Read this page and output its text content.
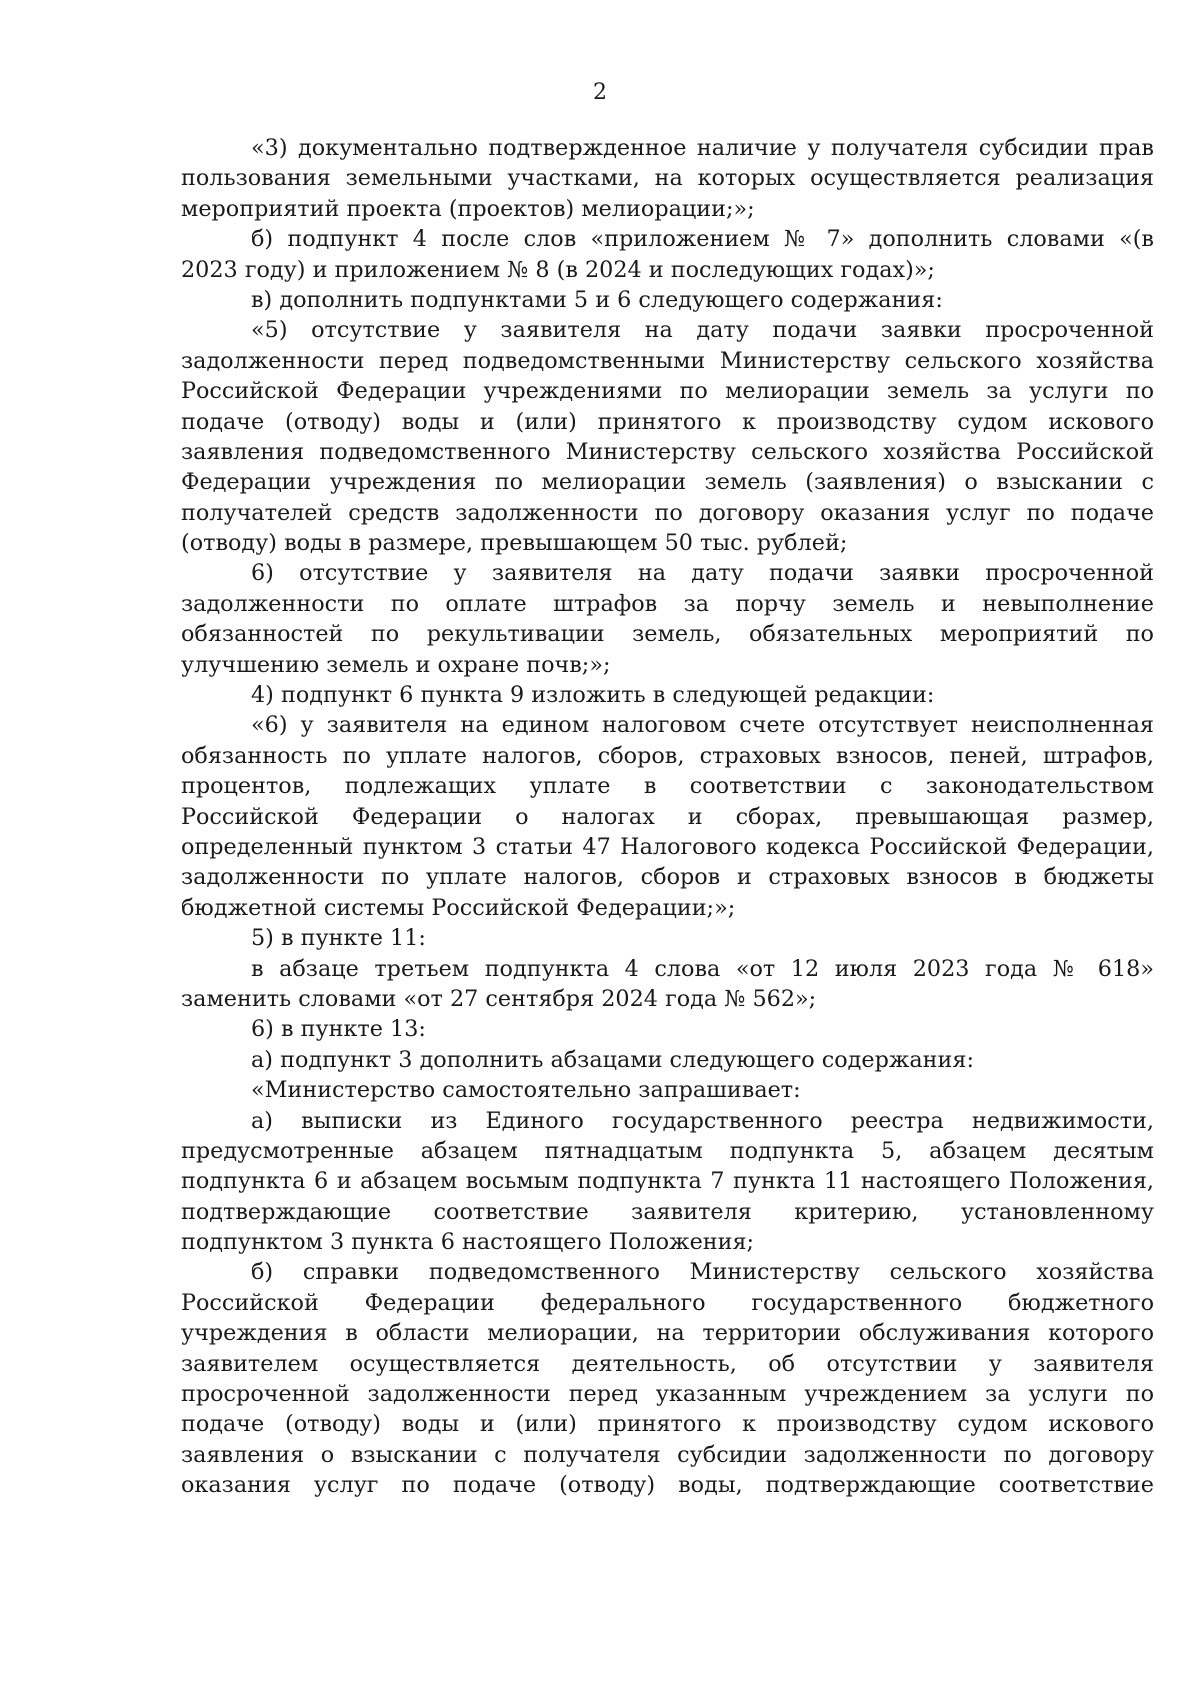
2
«3) документально подтвержденное наличие у получателя субсидии прав
пользования земельными участками, на которых осуществляется реализация
мероприятий проекта (проектов) мелиорации;»;
б) подпункт 4 после слов «приложением № 7» дополнить словами «(в
2023 году) и приложением № 8 (в 2024 и последующих годах)»;
в) дополнить подпунктами 5 и 6 следующего содержания:
«5) отсутствие у заявителя на дату подачи заявки просроченной
задолженности перед подведомственными Министерству сельского хозяйства
Российской Федерации учреждениями по мелиорации земель за услуги по
подаче (отводу) воды и (или) принятого к производству судом искового
заявления подведомственного Министерству сельского хозяйства Российской
Федерации учреждения по мелиорации земель (заявления) о взыскании с
получателей средств задолженности по договору оказания услуг по подаче
(отводу) воды в размере, превышающем 50 тыс. рублей;
6) отсутствие у заявителя на дату подачи заявки просроченной
задолженности по оплате штрафов за порчу земель и невыполнение
обязанностей по рекультивации земель, обязательных мероприятий по
улучшению земель и охране почв;»;
4) подпункт 6 пункта 9 изложить в следующей редакции:
«6) у заявителя на едином налоговом счете отсутствует неисполненная
обязанность по уплате налогов, сборов, страховых взносов, пеней, штрафов,
процентов, подлежащих уплате в соответствии с законодательством
Российской Федерации о налогах и сборах, превышающая размер,
определенный пунктом 3 статьи 47 Налогового кодекса Российской Федерации,
задолженности по уплате налогов, сборов и страховых взносов в бюджеты
бюджетной системы Российской Федерации;»;
5) в пункте 11:
в абзаце третьем подпункта 4 слова «от 12 июля 2023 года № 618»
заменить словами «от 27 сентября 2024 года № 562»;
6) в пункте 13:
а) подпункт 3 дополнить абзацами следующего содержания:
«Министерство самостоятельно запрашивает:
а) выписки из Единого государственного реестра недвижимости,
предусмотренные абзацем пятнадцатым подпункта 5, абзацем десятым
подпункта 6 и абзацем восьмым подпункта 7 пункта 11 настоящего Положения,
подтверждающие соответствие заявителя критерию, установленному
подпунктом 3 пункта 6 настоящего Положения;
б) справки подведомственного Министерству сельского хозяйства
Российской Федерации федерального государственного бюджетного
учреждения в области мелиорации, на территории обслуживания которого
заявителем осуществляется деятельность, об отсутствии у заявителя
просроченной задолженности перед указанным учреждением за услуги по
подаче (отводу) воды и (или) принятого к производству судом искового
заявления о взыскании с получателя субсидии задолженности по договору
оказания услуг по подаче (отводу) воды, подтверждающие соответствие
